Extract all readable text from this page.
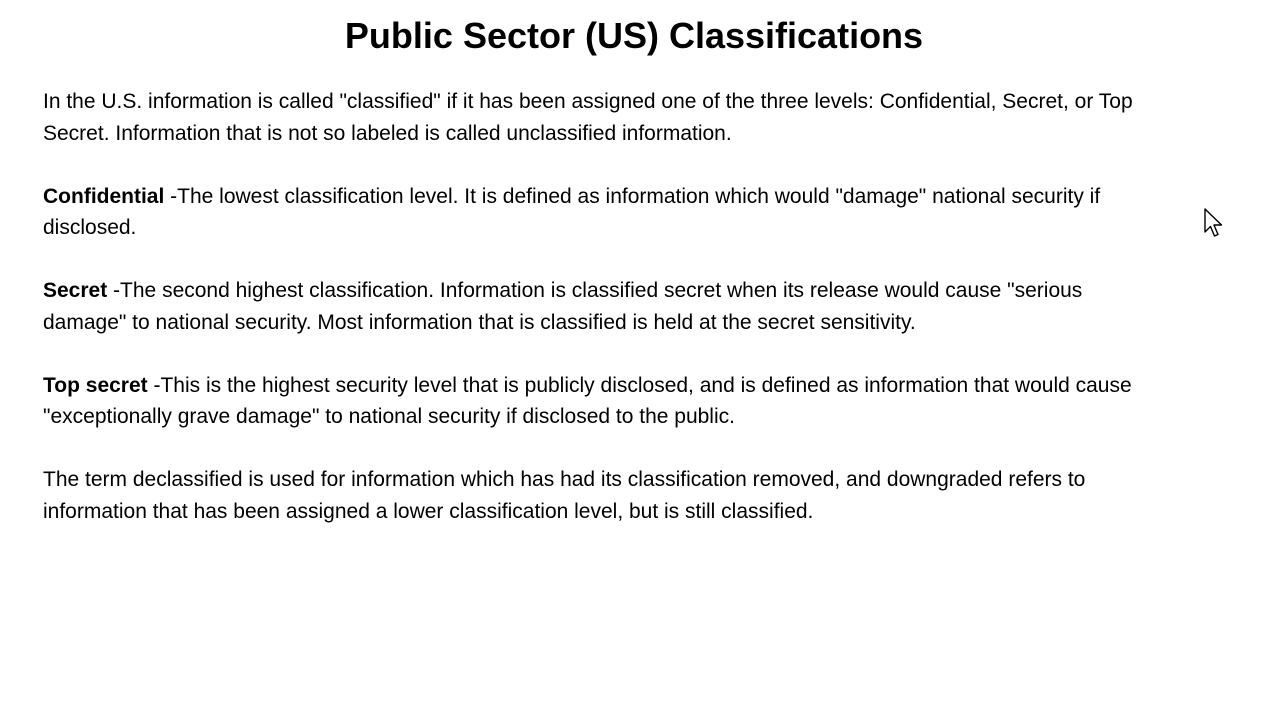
Public Sector (US) Classifications

In the U.S. information is called "classified" if it has been assigned one of the three levels: Confidential, Secret, or Top Secret. Information that is not so labeled is called unclassified information.

Confidential -The lowest classification level. It is defined as information which would "damage" national security if disclosed.

Secret -The second highest classification. Information is classified secret when its release would cause "serious damage" to national security. Most information that is classified is held at the secret sensitivity.

Top secret -This is the highest security level that is publicly disclosed, and is defined as information that would cause "exceptionally grave damage" to national security if disclosed to the public.

The term declassified is used for information which has had its classification removed, and downgraded refers to information that has been assigned a lower classification level, but is still classified.
